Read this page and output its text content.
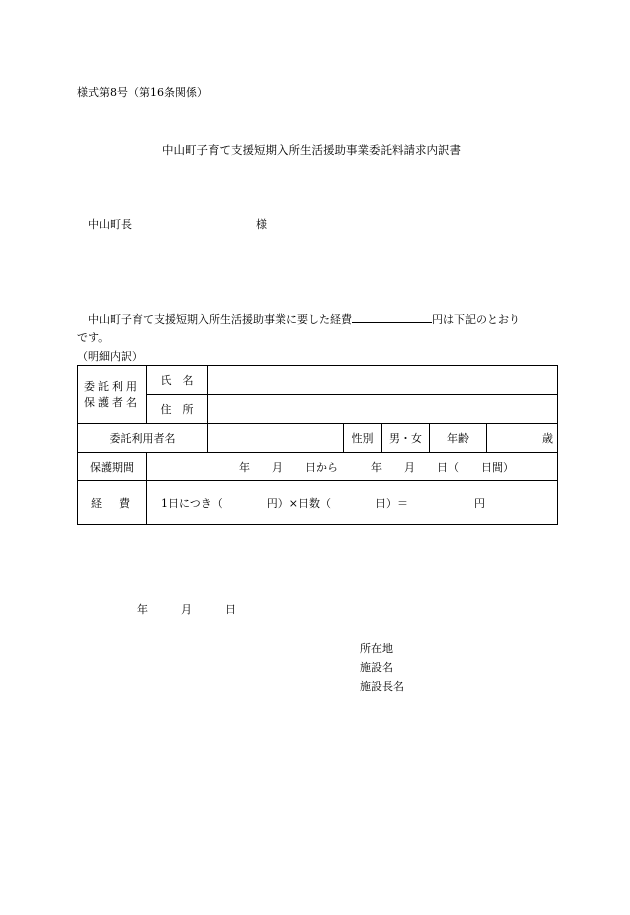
様式第8号（第16条関係）
中山町子育て支援短期入所生活援助事業委託料請求内訳書
中山町長	様
中山町子育て支援短期入所生活援助事業に要した経費	円は下記のとおり
です。
（明細内訳）
委託利用
保護者名	氏　名					
	住　所					
委託利用者名			性別	男・女	年齢	歳
保護期間	年　　月　　日から　　　年　　月　　日（　　日間）					
経　費	1日につき（　　　　円）×日数（　　　　日）＝　　　　　　円					
年　　　月　　　日
所在地
施設名
施設長名
